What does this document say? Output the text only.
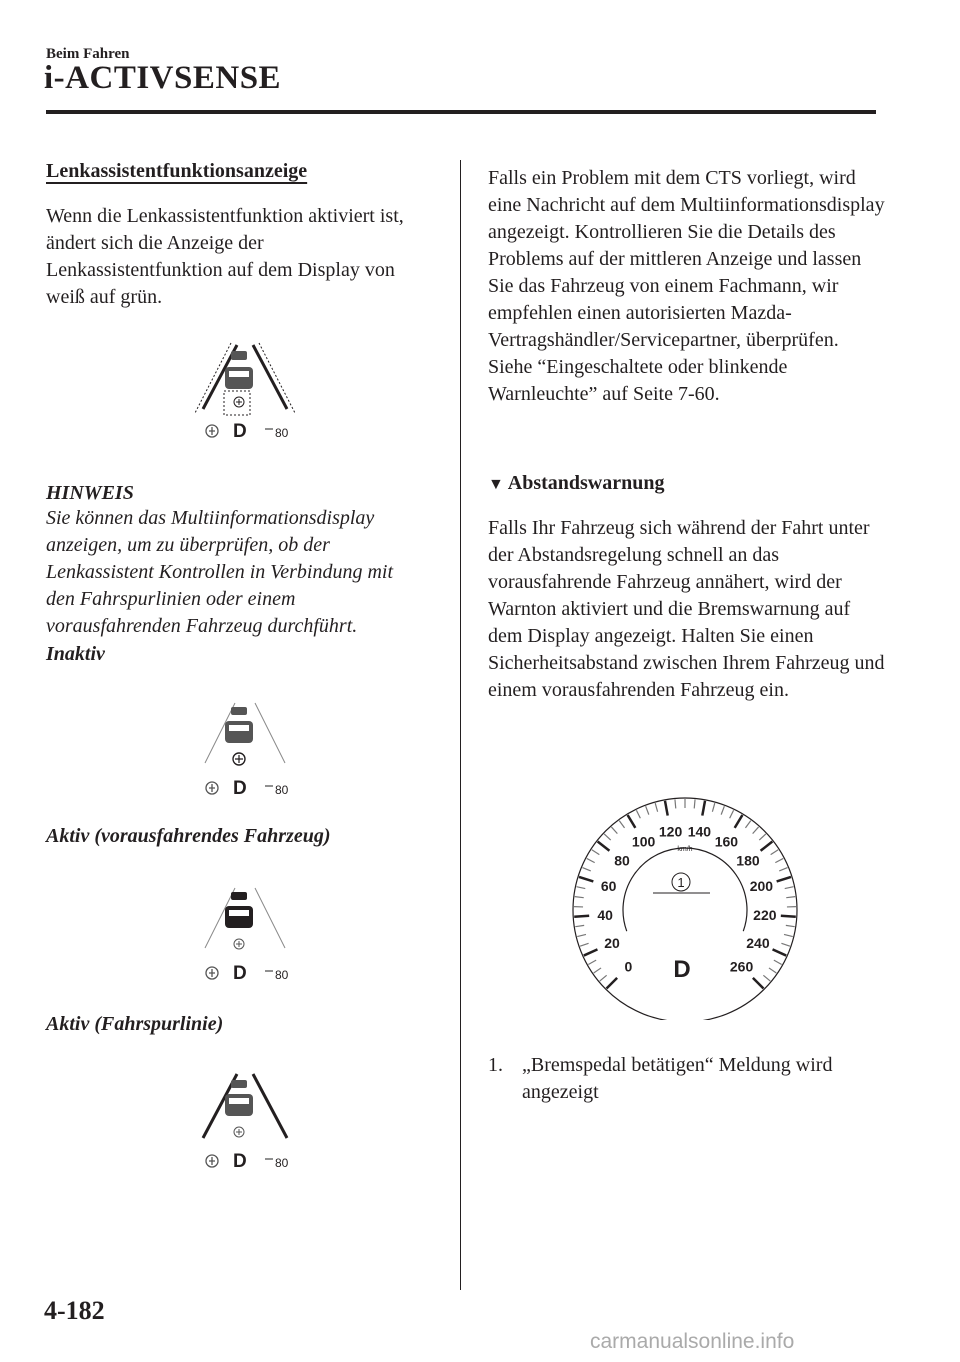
Beim Fahren
i-ACTIVSENSE
Lenkassistentfunktionsanzeige
Wenn die Lenkassistentfunktion aktiviert ist, ändert sich die Anzeige der Lenkassistentfunktion auf dem Display von weiß auf grün.
D 80

HINWEIS

Sie können das Multiinformationsdisplay anzeigen, um zu überprüfen, ob der Lenkassistent Kontrollen in Verbindung mit den Fahrspurlinien oder einem vorausfahrenden Fahrzeug durchführt.

Inaktiv

D 80
Aktiv (vorausfahrendes Fahrzeug)
D 80
Aktiv (Fahrspurlinie)
D 80
Falls ein Problem mit dem CTS vorliegt, wird eine Nachricht auf dem Multiinformationsdisplay angezeigt. Kontrollieren Sie die Details des Problems auf der mittleren Anzeige und lassen Sie das Fahrzeug von einem Fachmann, wir empfehlen einen autorisierten Mazda-Vertragshändler/Servicepartner, überprüfen.
Siehe “Eingeschaltete oder blinkende Warnleuchte” auf Seite 7-60.
▼ Abstandswarnung
Falls Ihr Fahrzeug sich während der Fahrt unter der Abstandsregelung schnell an das vorausfahrende Fahrzeug annähert, wird der Warnton aktiviert und die Bremswarnung auf dem Display angezeigt. Halten Sie einen Sicherheitsabstand zwischen Ihrem Fahrzeug und einem vorausfahrenden Fahrzeug ein.
0
20
40
60
80
100
120 140
160
180
200
220
240
260
km/h
1
D
1. „Bremspedal betätigen“ Meldung wird angezeigt
4-182
carmanualsonline.info
